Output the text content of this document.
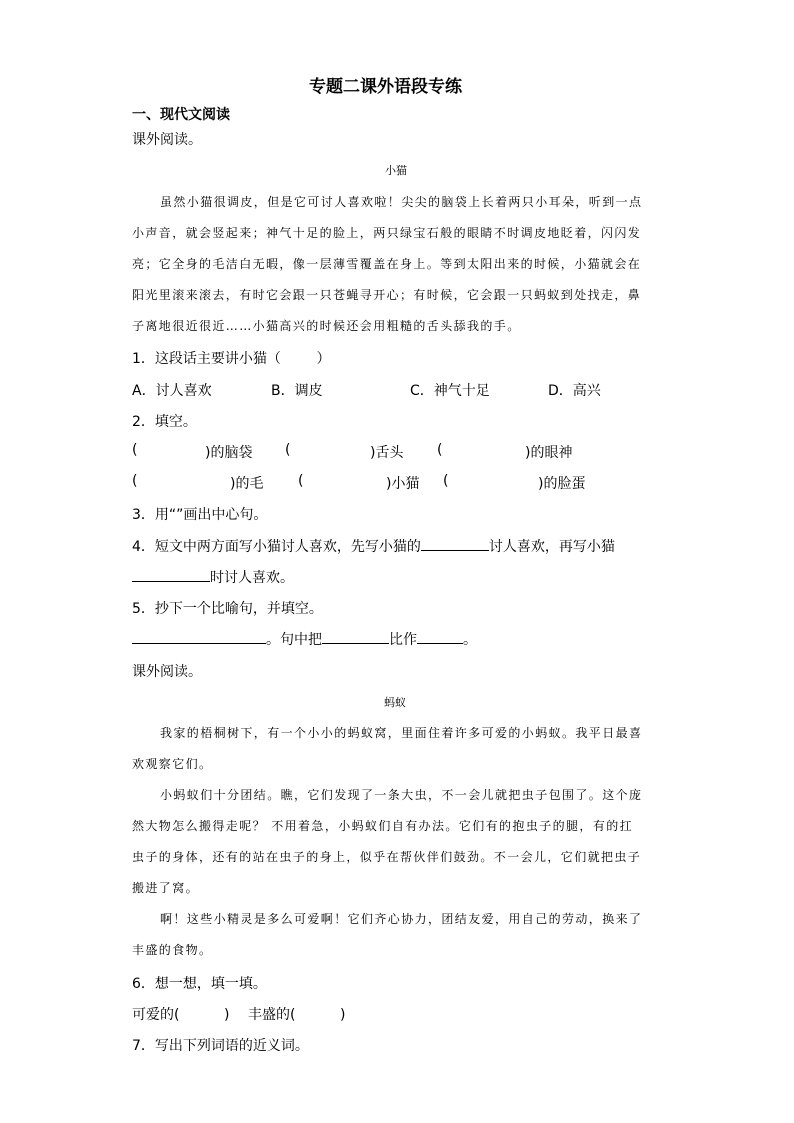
专题二课外语段专练
一、现代文阅读
课外阅读。
小猫
虽然小猫很调皮，但是它可讨人喜欢啦！尖尖的脑袋上长着两只小耳朵，听到一点
小声音，就会竖起来；神气十足的脸上，两只绿宝石般的眼睛不时调皮地眨着，闪闪发
亮；它全身的毛洁白无暇，像一层薄雪覆盖在身上。等到太阳出来的时候，小猫就会在
阳光里滚来滚去，有时它会跟一只苍蝇寻开心；有时候，它会跟一只蚂蚁到处找走，鼻
子离地很近很近……小猫高兴的时候还会用粗糙的舌头舔我的手。
1．这段话主要讲小猫（        ）
A．讨人喜欢	B．调皮	C．神气十足	D．高兴
2．填空。
(	)的脑袋 (	)舌头 (	)的眼神
(	)的毛 (	)小猫 (	)的脸蛋
3．用“”画出中心句。
4．短文中两方面写小猫讨人喜欢，先写小猫的	讨人喜欢，再写小猫
时讨人喜欢。
5．抄下一个比喻句，并填空。
。句中把	比作	。
课外阅读。
蚂蚁
我家的梧桐树下，有一个小小的蚂蚁窝，里面住着许多可爱的小蚂蚁。我平日最喜
欢观察它们。
小蚂蚁们十分团结。瞧，它们发现了一条大虫，不一会儿就把虫子包围了。这个庞
然大物怎么搬得走呢？ 不用着急，小蚂蚁们自有办法。它们有的抱虫子的腿，有的扛
虫子的身体，还有的站在虫子的身上，似乎在帮伙伴们鼓劲。不一会儿，它们就把虫子
搬进了窝。
啊！这些小精灵是多么可爱啊！它们齐心协力，团结友爱，用自己的劳动，换来了
丰盛的食物。
6．想一想，填一填。
可爱的(          ) 丰盛的(          )
7．写出下列词语的近义词。
